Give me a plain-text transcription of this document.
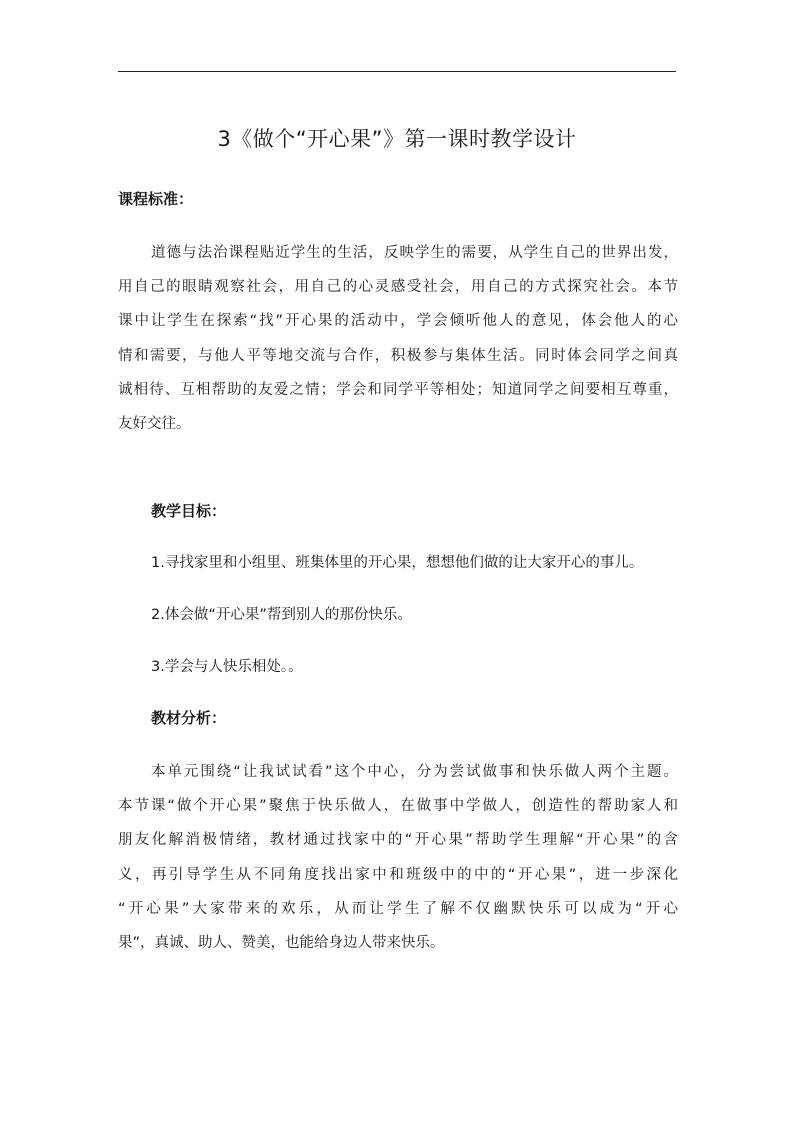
3《做个“开心果”》第一课时教学设计
课程标准：
道德与法治课程贴近学生的生活，反映学生的需要，从学生自己的世界出发，
用自己的眼睛观察社会，用自己的心灵感受社会，用自己的方式探究社会。本节
课中让学生在探索“找”开心果的活动中，学会倾听他人的意见，体会他人的心
情和需要，与他人平等地交流与合作，积极参与集体生活。同时体会同学之间真
诚相待、互相帮助的友爱之情；学会和同学平等相处；知道同学之间要相互尊重，
友好交往。
教学目标：

1.寻找家里和小组里、班集体里的开心果，想想他们做的让大家开心的事儿。

2.体会做“开心果”帮到别人的那份快乐。

3.学会与人快乐相处。。

教材分析：
本单元围绕“让我试试看”这个中心，分为尝试做事和快乐做人两个主题。
本节课“做个开心果”聚焦于快乐做人，在做事中学做人，创造性的帮助家人和
朋友化解消极情绪，教材通过找家中的“开心果”帮助学生理解“开心果”的含
义，再引导学生从不同角度找出家中和班级中的中的“开心果”，进一步深化
“开心果”大家带来的欢乐，从而让学生了解不仅幽默快乐可以成为“开心
果”，真诚、助人、赞美，也能给身边人带来快乐。
